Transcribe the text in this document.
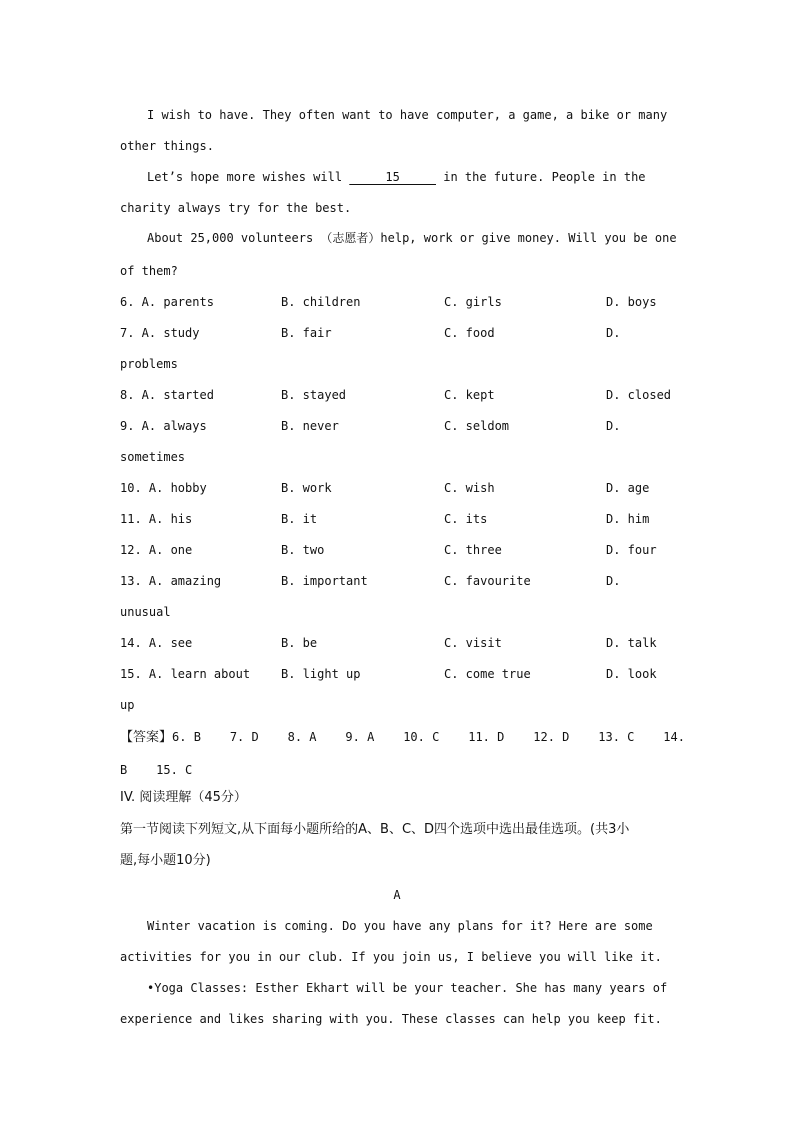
I wish to have. They often want to have computer, a game, a bike or many
other things.
Let’s hope more wishes will      15      in the future. People in the
charity always try for the best.
About 25,000 volunteers （志愿者）help, work or give money. Will you be one
of them?
6. A. parents	B. children	C. girls	D. boys
7. A. study	B. fair	C. food	D.
problems
8. A. started	B. stayed	C. kept	D. closed
9. A. always	B. never	C. seldom	D.
sometimes
10. A. hobby	B. work	C. wish	D. age
11. A. his	B. it	C. its	D. him
12. A. one	B. two	C. three	D. four
13. A. amazing	B. important	C. favourite	D.
unusual
14. A. see	B. be	C. visit	D. talk
15. A. learn about	B. light up	C. come true	D. look
up
【答案】6. B    7. D    8. A    9. A    10. C    11. D    12. D    13. C    14.
B    15. C
IV. 阅读理解（45分）
第一节阅读下列短文,从下面每小题所给的A、B、C、D四个选项中选出最佳选项。(共3小
题,每小题10分)
A
Winter vacation is coming. Do you have any plans for it? Here are some
activities for you in our club. If you join us, I believe you will like it.
•Yoga Classes: Esther Ekhart will be your teacher. She has many years of
experience and likes sharing with you. These classes can help you keep fit.
